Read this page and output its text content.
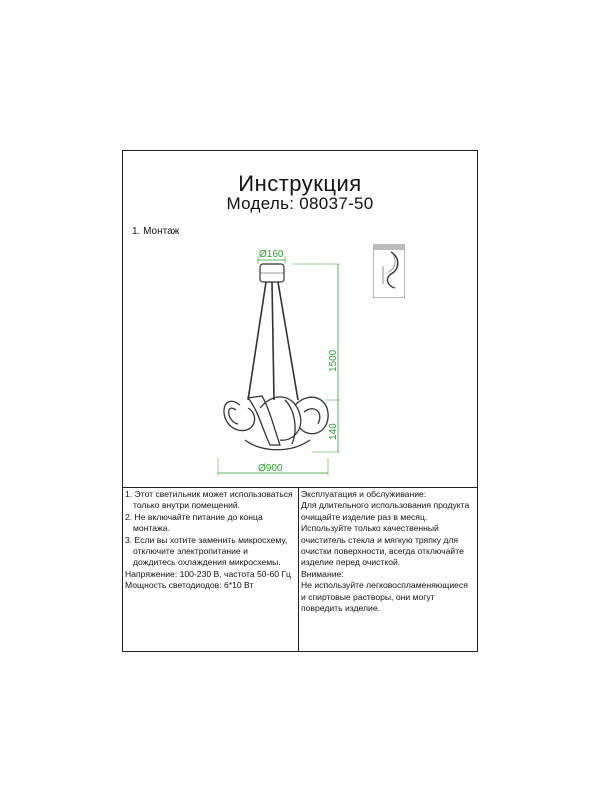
Инструкция
Модель: 08037-50
1. Монтаж
Ø160
1500
140
Ø900
1. Этот светильник может использоваться
только внутри помещений.
2. Не включайте питание до конца
монтажа.
3. Если вы хотите заменить микросхему,
отключите электропитание и
дождитесь охлаждения микросхемы.
Напряжение: 100-230 В, частота 50-60 Гц
Мощность светодиодов: 6*10 Вт
Эксплуатация и обслуживание:
Для длительного использования продукта
очищайте изделие раз в месяц.
Используйте только качественный
очиститель стекла и мягкую тряпку для
очистки поверхности, всегда отключайте
изделие перед очисткой.
Внимание:
Не используйте легковоспламеняющиеся
и спиртовые растворы, они могут
повредить изделие.
